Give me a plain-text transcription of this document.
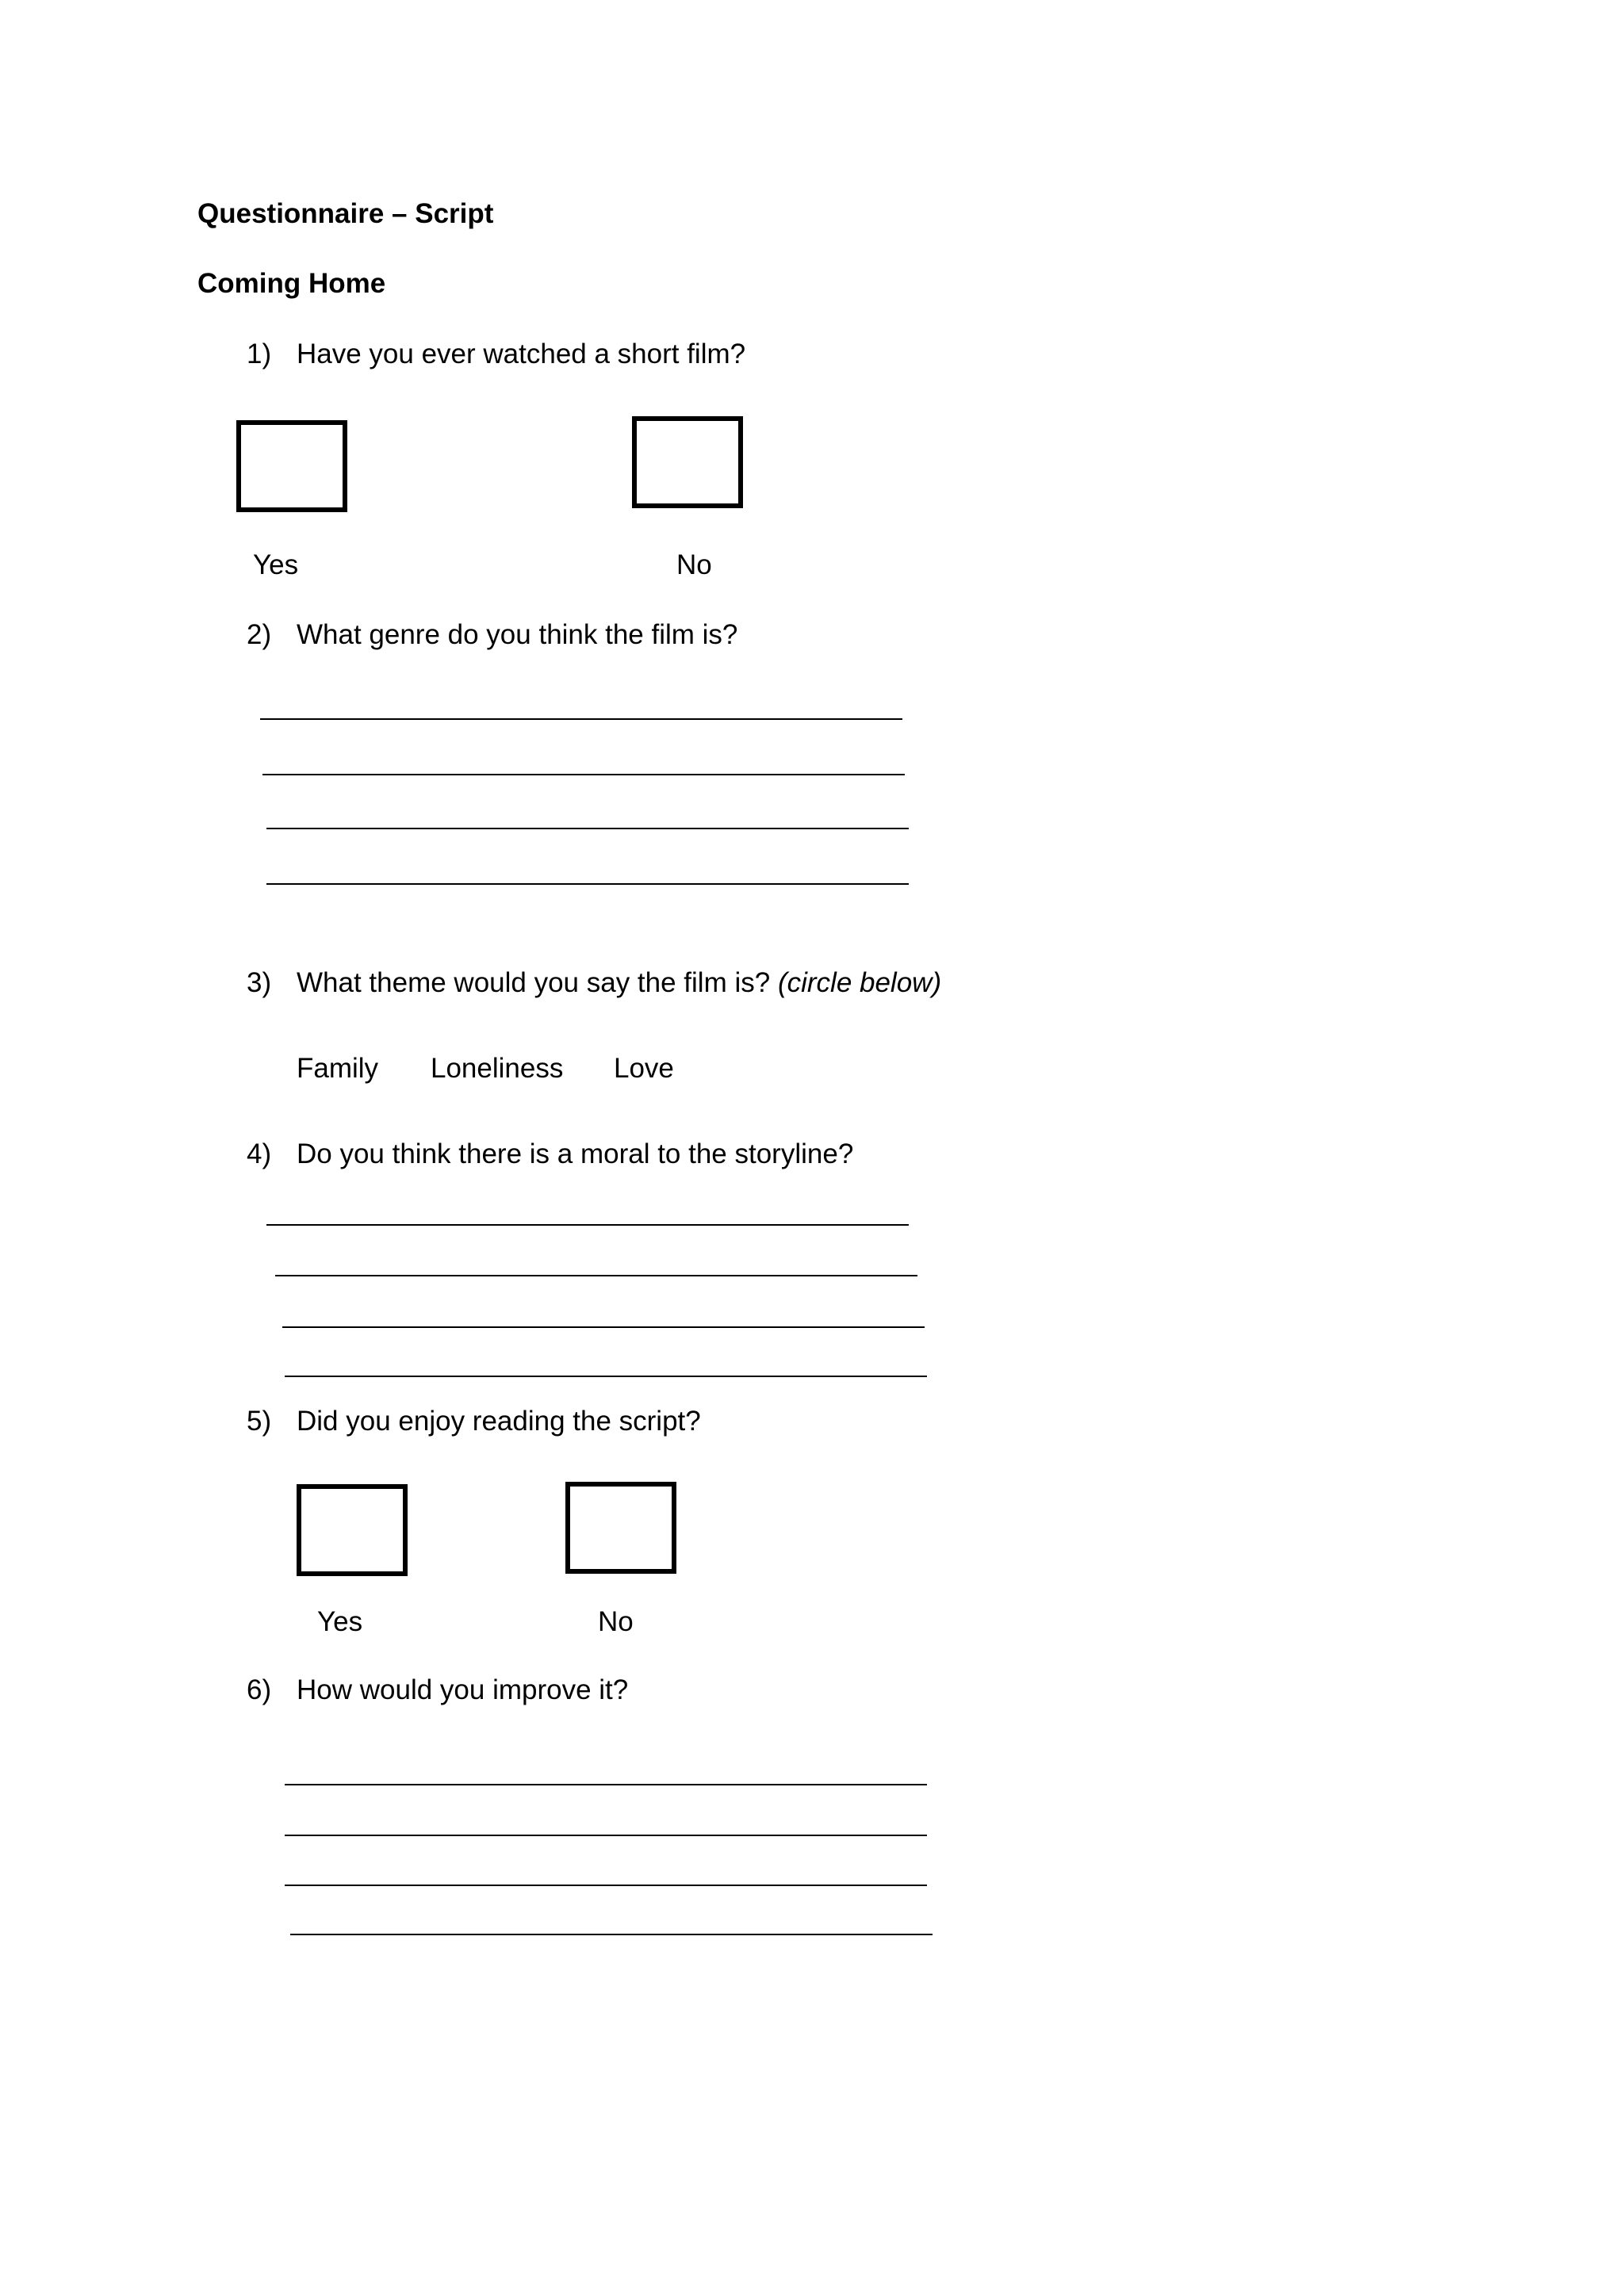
Questionnaire – Script
Coming Home
1) Have you ever watched a short film?
Yes	No
2) What genre do you think the film is?
3) What theme would you say the film is? (circle below)
Family Loneliness Love
4) Do you think there is a moral to the storyline?
5) Did you enjoy reading the script?
Yes	No
6) How would you improve it?
